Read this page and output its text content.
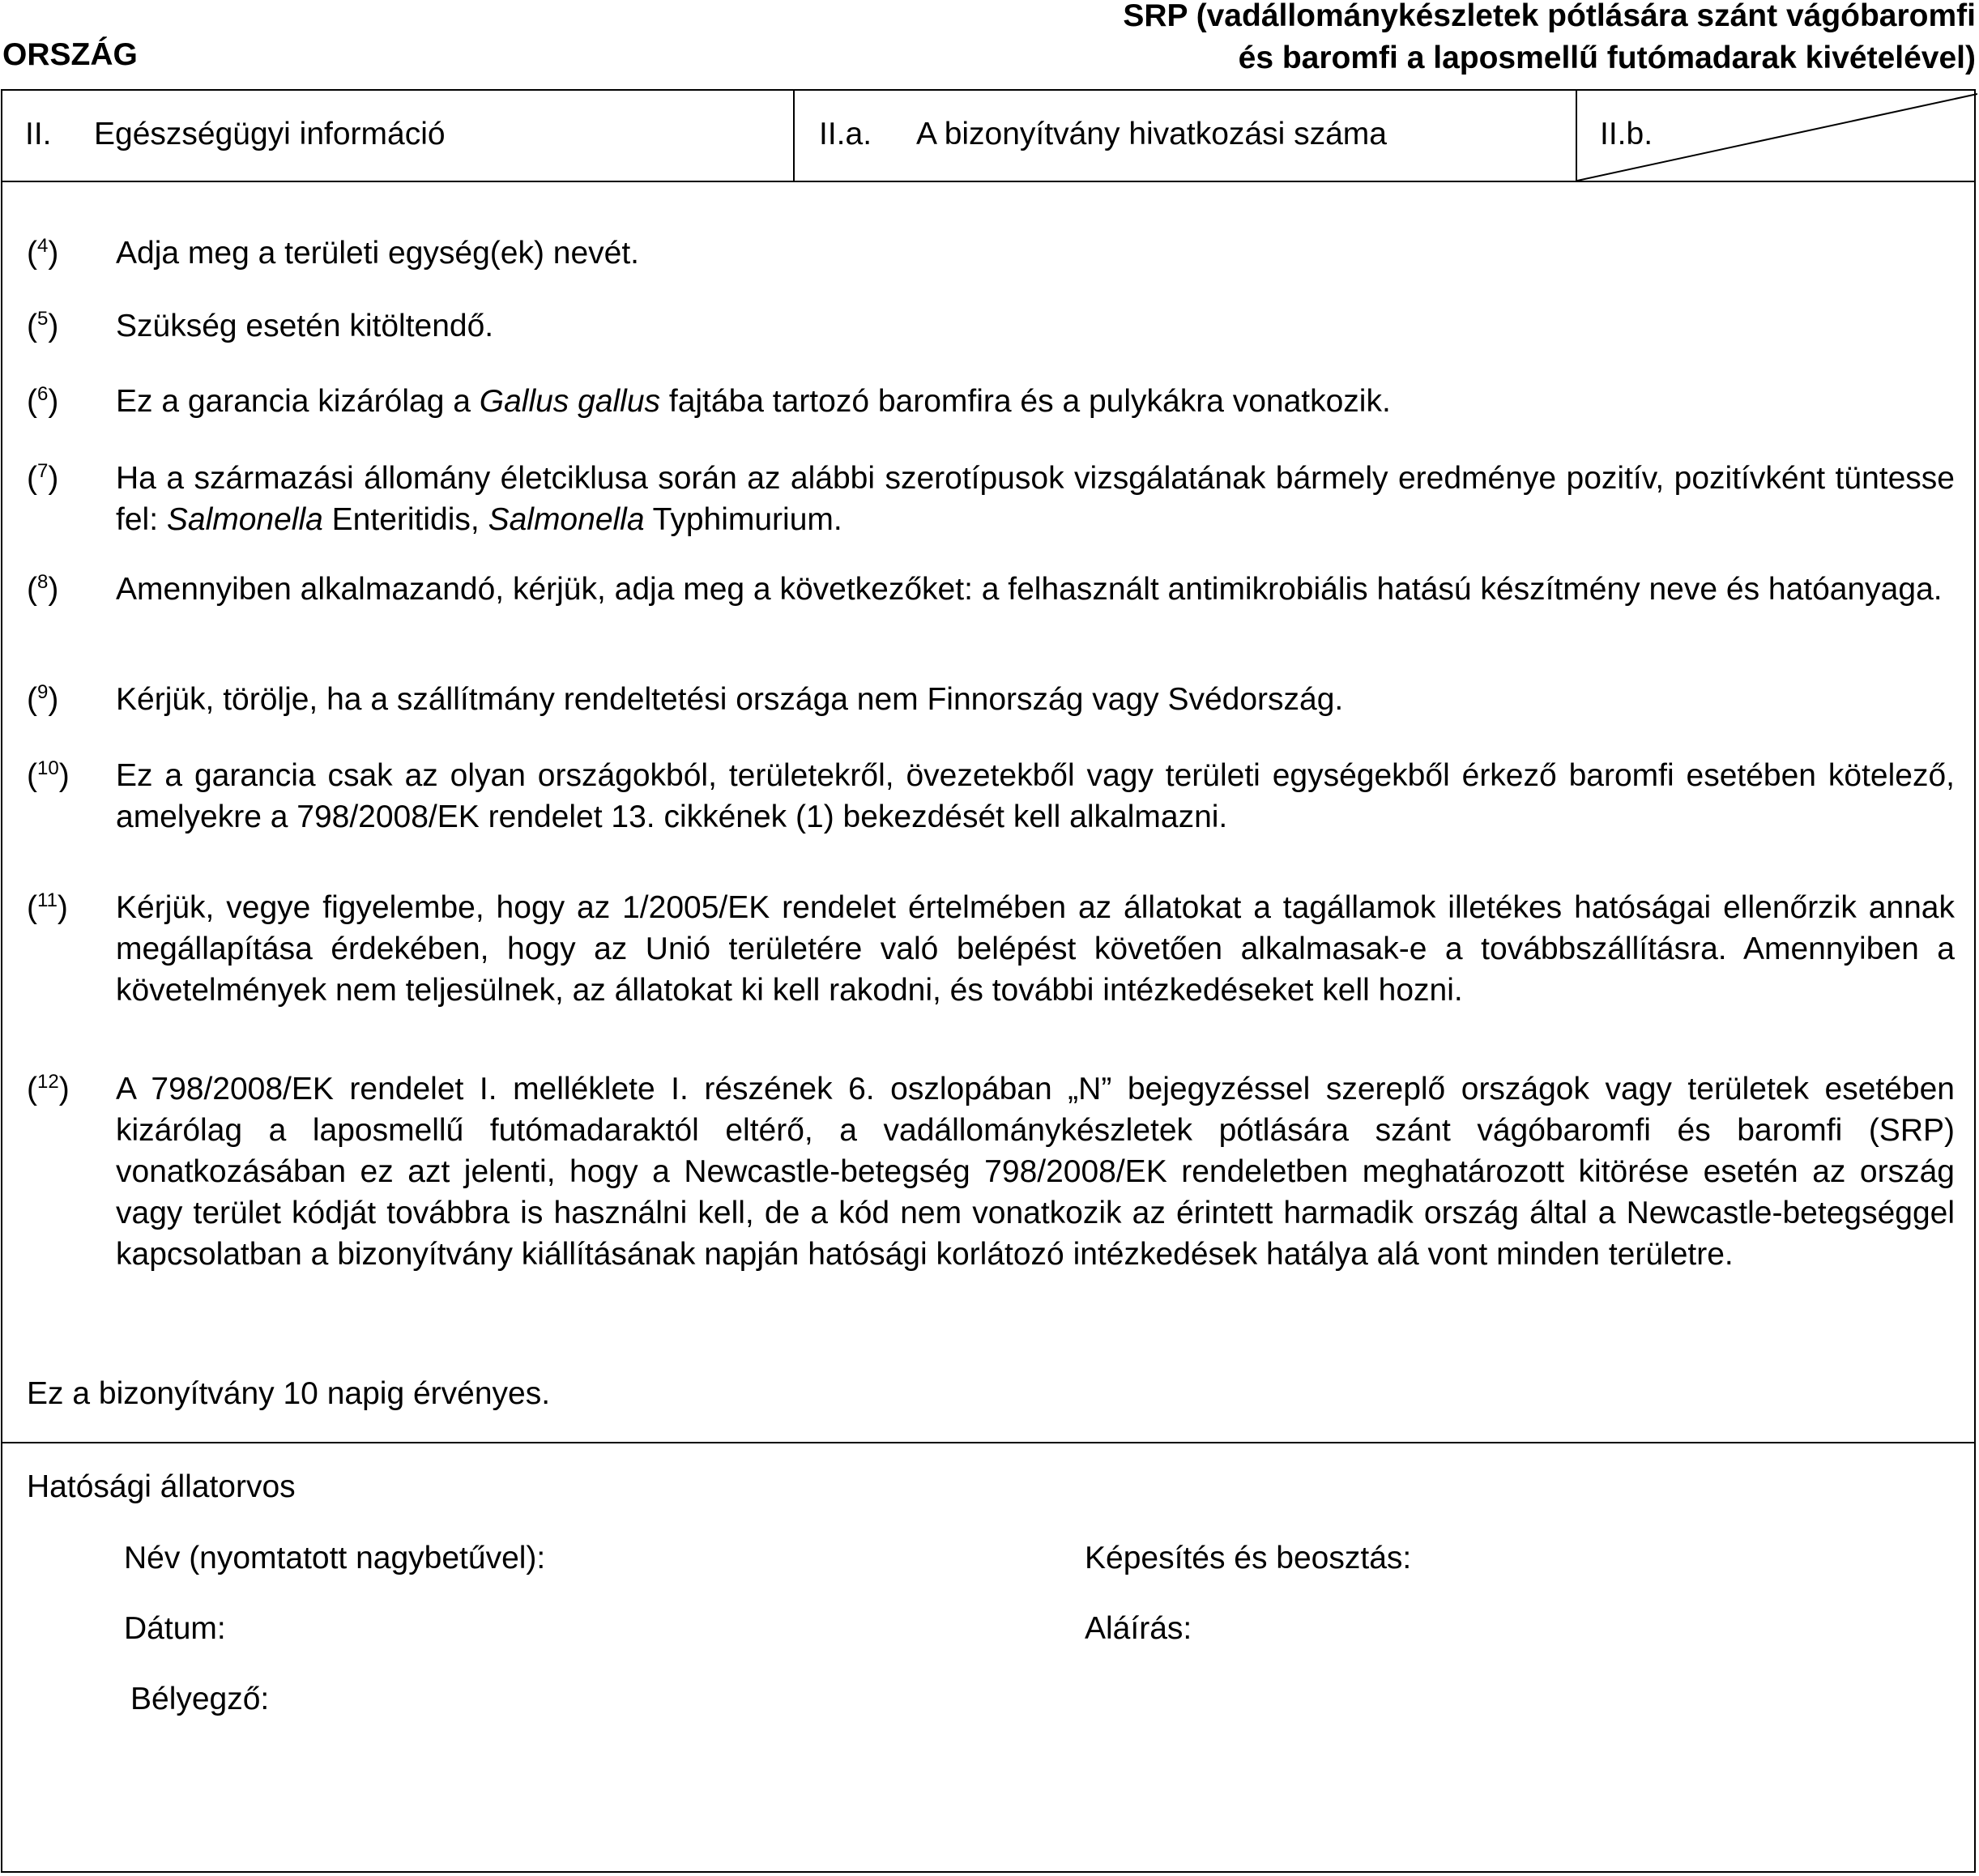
ORSZÁG
SRP (vadállománykészletek pótlására szánt vágóbaromfi
és baromfi a laposmellű futómadarak kivételével)
II. Egészségügyi információ	II.a. A bizonyítvány hivatkozási száma	II.b.
($^4$) Adja meg a területi egység(ek) nevét.
($^5$) Szükség esetén kitöltendő.
($^6$) Ez a garancia kizárólag a Gallus gallus fajtába tartozó baromfira és a pulykákra vonatkozik.
($^7$) Ha a származási állomány életciklusa során az alábbi szerotípusok vizsgálatának bármely eredménye pozitív, pozitívként tüntesse fel: Salmonella Enteritidis, Salmonella Typhimurium.
($^8$) Amennyiben alkalmazandó, kérjük, adja meg a következőket: a felhasznált antimikrobiális hatású készítmény neve és hatóanyaga.
($^9$) Kérjük, törölje, ha a szállítmány rendeltetési országa nem Finnország vagy Svédország.
($^{10}$) Ez a garancia csak az olyan országokból, területekről, övezetekből vagy területi egységekből érkező baromfi esetében kötelező, amelyekre a 798/2008/EK rendelet 13. cikkének (1) bekezdését kell alkalmazni.
($^{11}$) Kérjük, vegye figyelembe, hogy az 1/2005/EK rendelet értelmében az állatokat a tagállamok illetékes hatóságai ellenőrzik annak megállapítása érdekében, hogy az Unió területére való belépést követően alkalmasak-e a továbbszállításra. Amennyiben a követelmények nem teljesülnek, az állatokat ki kell rakodni, és további intézkedéseket kell hozni.
($^{12}$) A 798/2008/EK rendelet I. melléklete I. részének 6. oszlopában „N” bejegyzéssel szereplő országok vagy területek esetében kizárólag a laposmellű futómadaraktól eltérő, a vadállománykészletek pótlására szánt vágóbaromfi és baromfi (SRP) vonatkozásában ez azt jelenti, hogy a Newcastle-betegség 798/2008/EK rendeletben meghatározott kitörése esetén az ország vagy terület kódját továbbra is használni kell, de a kód nem vonatkozik az érintett harmadik ország által a Newcastle-betegséggel kapcsolatban a bizonyítvány kiállításának napján hatósági korlátozó intézkedések hatálya alá vont minden területre.
Ez a bizonyítvány 10 napig érvényes.
Hatósági állatorvos
Név (nyomtatott nagybetűvel):	Képesítés és beosztás:
Dátum:	Aláírás:
Bélyegző:
